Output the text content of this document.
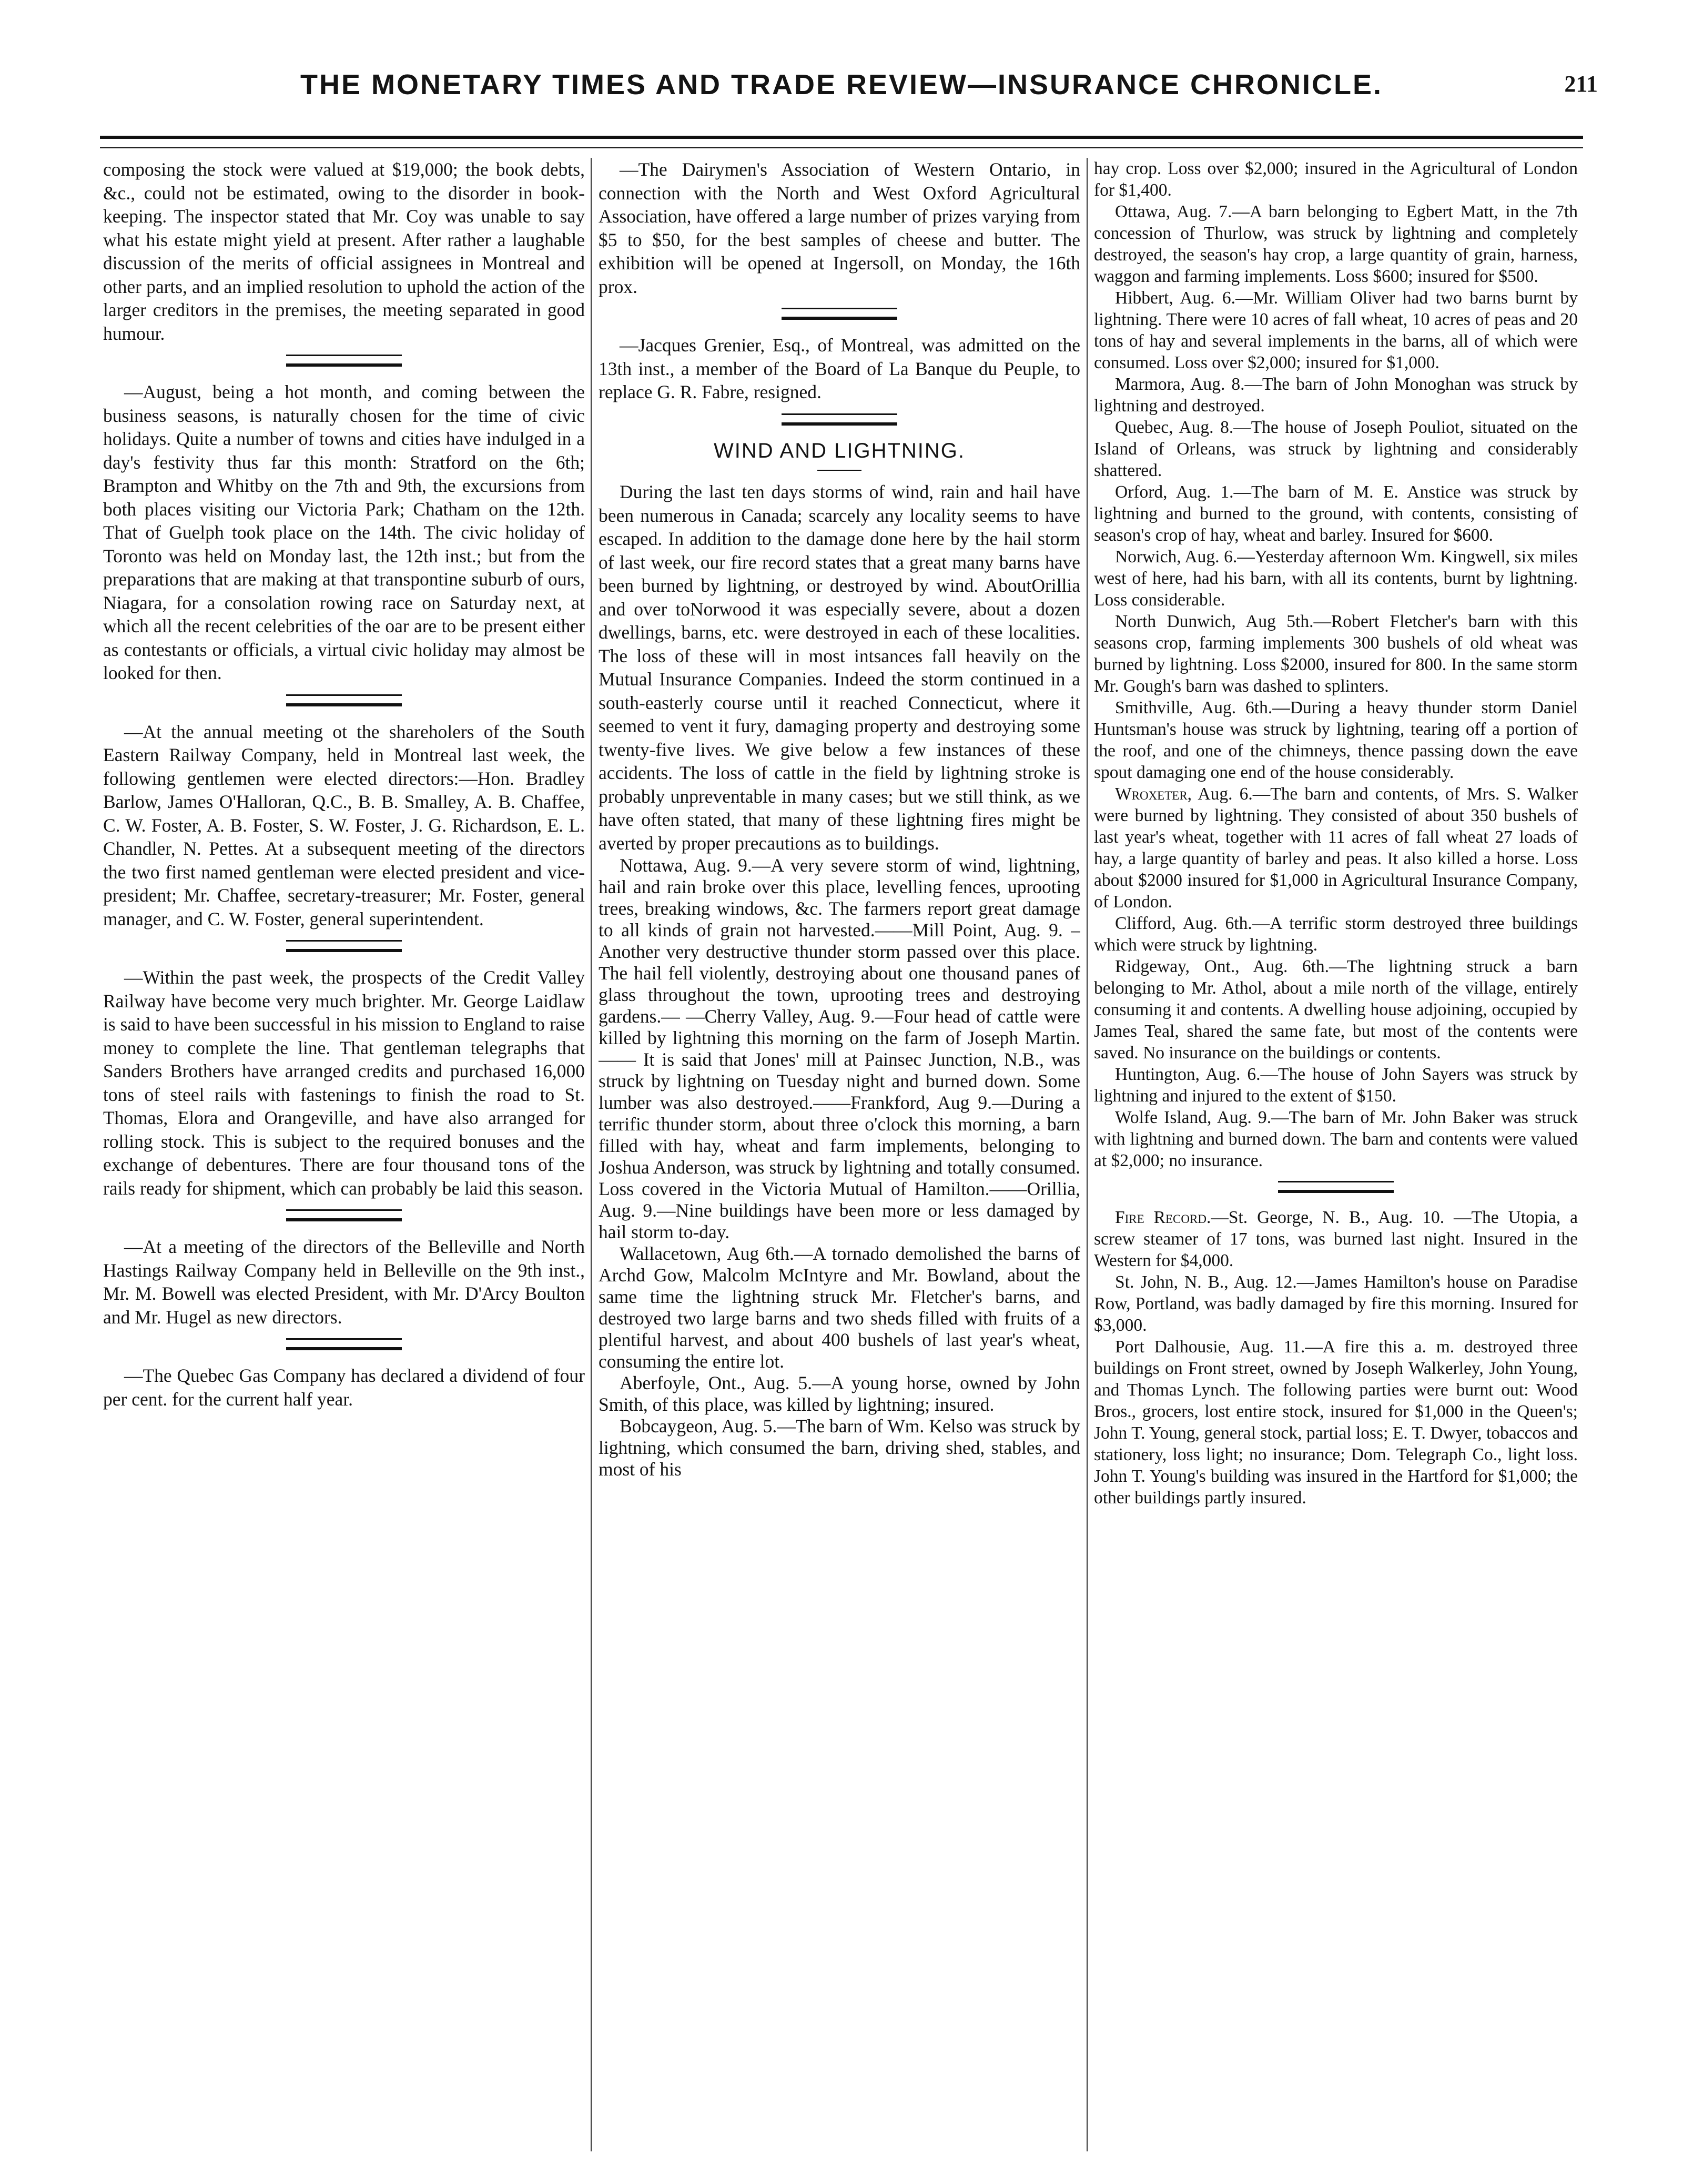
THE MONETARY TIMES AND TRADE REVIEW—INSURANCE CHRONICLE.	211

composing the stock were valued at $19,000; the book debts, &c., could not be estimated, owing to the disorder in book-keeping. The inspector stated that Mr. Coy was unable to say what his estate might yield at present. After rather a laughable discussion of the merits of official assignees in Montreal and other parts, and an implied resolution to uphold the action of the larger creditors in the premises, the meeting separated in good humour.

—August, being a hot month, and coming between the business seasons, is naturally chosen for the time of civic holidays. Quite a number of towns and cities have indulged in a day's festivity thus far this month: Stratford on the 6th; Brampton and Whitby on the 7th and 9th, the excursions from both places visiting our Victoria Park; Chatham on the 12th. That of Guelph took place on the 14th. The civic holiday of Toronto was held on Monday last, the 12th inst.; but from the preparations that are making at that transpontine suburb of ours, Niagara, for a consolation rowing race on Saturday next, at which all the recent celebrities of the oar are to be present either as contestants or officials, a virtual civic holiday may almost be looked for then.

—At the annual meeting ot the shareholers of the South Eastern Railway Company, held in Montreal last week, the following gentlemen were elected directors:—Hon. Bradley Barlow, James O'Halloran, Q.C., B. B. Smalley, A. B. Chaffee, C. W. Foster, A. B. Foster, S. W. Foster, J. G. Richardson, E. L. Chandler, N. Pettes. At a subsequent meeting of the directors the two first named gentleman were elected president and vice-president; Mr. Chaffee, secretary-treasurer; Mr. Foster, general manager, and C. W. Foster, general superintendent.

—Within the past week, the prospects of the Credit Valley Railway have become very much brighter. Mr. George Laidlaw is said to have been successful in his mission to England to raise money to complete the line. That gentleman telegraphs that Sanders Brothers have arranged credits and purchased 16,000 tons of steel rails with fastenings to finish the road to St. Thomas, Elora and Orangeville, and have also arranged for rolling stock. This is subject to the required bonuses and the exchange of debentures. There are four thousand tons of the rails ready for shipment, which can probably be laid this season.

—At a meeting of the directors of the Belleville and North Hastings Railway Company held in Belleville on the 9th inst., Mr. M. Bowell was elected President, with Mr. D'Arcy Boulton and Mr. Hugel as new directors.

—The Quebec Gas Company has declared a dividend of four per cent. for the current half year.

—The Dairymen's Association of Western Ontario, in connection with the North and West Oxford Agricultural Association, have offered a large number of prizes varying from $5 to $50, for the best samples of cheese and butter. The exhibition will be opened at Ingersoll, on Monday, the 16th prox.

—Jacques Grenier, Esq., of Montreal, was admitted on the 13th inst., a member of the Board of La Banque du Peuple, to replace G. R. Fabre, resigned.

WIND AND LIGHTNING.

During the last ten days storms of wind, rain and hail have been numerous in Canada; scarcely any locality seems to have escaped. In addition to the damage done here by the hail storm of last week, our fire record states that a great many barns have been burned by lightning, or destroyed by wind. AboutOrillia and over toNorwood it was especially severe, about a dozen dwellings, barns, etc. were destroyed in each of these localities. The loss of these will in most intsances fall heavily on the Mutual Insurance Companies. Indeed the storm continued in a south-easterly course until it reached Connecticut, where it seemed to vent it fury, damaging property and destroying some twenty-five lives. We give below a few instances of these accidents. The loss of cattle in the field by lightning stroke is probably unpreventable in many cases; but we still think, as we have often stated, that many of these lightning fires might be averted by proper precautions as to buildings.

Nottawa, Aug. 9.—A very severe storm of wind, lightning, hail and rain broke over this place, levelling fences, uprooting trees, breaking windows, &c. The farmers report great damage to all kinds of grain not harvested.——Mill Point, Aug. 9. –Another very destructive thunder storm passed over this place. The hail fell violently, destroying about one thousand panes of glass throughout the town, uprooting trees and destroying gardens.— —Cherry Valley, Aug. 9.—Four head of cattle were killed by lightning this morning on the farm of Joseph Martin.—— It is said that Jones' mill at Painsec Junction, N.B., was struck by lightning on Tuesday night and burned down. Some lumber was also destroyed.——Frankford, Aug 9.—During a terrific thunder storm, about three o'clock this morning, a barn filled with hay, wheat and farm implements, belonging to Joshua Anderson, was struck by lightning and totally consumed. Loss covered in the Victoria Mutual of Hamilton.——Orillia, Aug. 9.—Nine buildings have been more or less damaged by hail storm to-day.

Wallacetown, Aug 6th.—A tornado demolished the barns of Archd Gow, Malcolm McIntyre and Mr. Bowland, about the same time the lightning struck Mr. Fletcher's barns, and destroyed two large barns and two sheds filled with fruits of a plentiful harvest, and about 400 bushels of last year's wheat, consuming the entire lot.

Aberfoyle, Ont., Aug. 5.—A young horse, owned by John Smith, of this place, was killed by lightning; insured.

Bobcaygeon, Aug. 5.—The barn of Wm. Kelso was struck by lightning, which consumed the barn, driving shed, stables, and most of his

hay crop. Loss over $2,000; insured in the Agricultural of London for $1,400.

Ottawa, Aug. 7.—A barn belonging to Egbert Matt, in the 7th concession of Thurlow, was struck by lightning and completely destroyed, the season's hay crop, a large quantity of grain, harness, waggon and farming implements. Loss $600; insured for $500.

Hibbert, Aug. 6.—Mr. William Oliver had two barns burnt by lightning. There were 10 acres of fall wheat, 10 acres of peas and 20 tons of hay and several implements in the barns, all of which were consumed. Loss over $2,000; insured for $1,000.

Marmora, Aug. 8.—The barn of John Monoghan was struck by lightning and destroyed.

Quebec, Aug. 8.—The house of Joseph Pouliot, situated on the Island of Orleans, was struck by lightning and considerably shattered.

Orford, Aug. 1.—The barn of M. E. Anstice was struck by lightning and burned to the ground, with contents, consisting of season's crop of hay, wheat and barley. Insured for $600.

Norwich, Aug. 6.—Yesterday afternoon Wm. Kingwell, six miles west of here, had his barn, with all its contents, burnt by lightning. Loss considerable.

North Dunwich, Aug 5th.—Robert Fletcher's barn with this seasons crop, farming implements 300 bushels of old wheat was burned by lightning. Loss $2000, insured for 800. In the same storm Mr. Gough's barn was dashed to splinters.

Smithville, Aug. 6th.—During a heavy thunder storm Daniel Huntsman's house was struck by lightning, tearing off a portion of the roof, and one of the chimneys, thence passing down the eave spout damaging one end of the house considerably.

Wroxeter, Aug. 6.—The barn and contents, of Mrs. S. Walker were burned by lightning. They consisted of about 350 bushels of last year's wheat, together with 11 acres of fall wheat 27 loads of hay, a large quantity of barley and peas. It also killed a horse. Loss about $2000 insured for $1,000 in Agricultural Insurance Company, of London.

Clifford, Aug. 6th.—A terrific storm destroyed three buildings which were struck by lightning.

Ridgeway, Ont., Aug. 6th.—The lightning struck a barn belonging to Mr. Athol, about a mile north of the village, entirely consuming it and contents. A dwelling house adjoining, occupied by James Teal, shared the same fate, but most of the contents were saved. No insurance on the buildings or contents.

Huntington, Aug. 6.—The house of John Sayers was struck by lightning and injured to the extent of $150.

Wolfe Island, Aug. 9.—The barn of Mr. John Baker was struck with lightning and burned down. The barn and contents were valued at $2,000; no insurance.

Fire Record.—St. George, N. B., Aug. 10. —The Utopia, a screw steamer of 17 tons, was burned last night. Insured in the Western for $4,000.

St. John, N. B., Aug. 12.—James Hamilton's house on Paradise Row, Portland, was badly damaged by fire this morning. Insured for $3,000.

Port Dalhousie, Aug. 11.—A fire this a. m. destroyed three buildings on Front street, owned by Joseph Walkerley, John Young, and Thomas Lynch. The following parties were burnt out: Wood Bros., grocers, lost entire stock, insured for $1,000 in the Queen's; John T. Young, general stock, partial loss; E. T. Dwyer, tobaccos and stationery, loss light; no insurance; Dom. Telegraph Co., light loss. John T. Young's building was insured in the Hartford for $1,000; the other buildings partly insured.
